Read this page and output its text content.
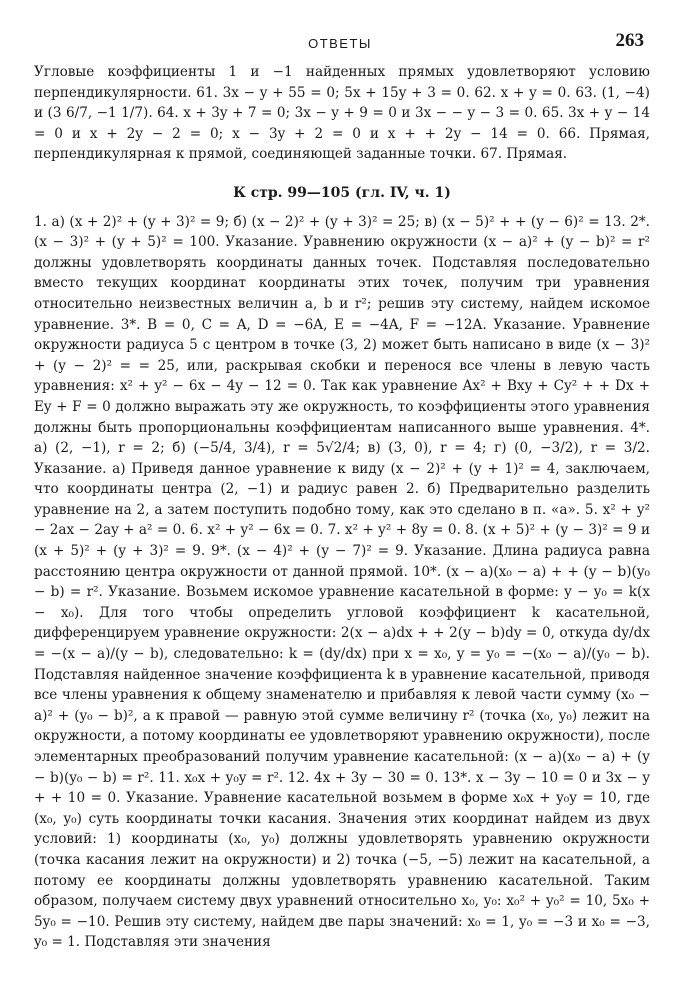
ОТВЕТЫ	263

Угловые коэффициенты 1 и −1 найденных прямых удовлетворяют условию перпендикулярности. 61. 3x − y + 55 = 0; 5x + 15y + 3 = 0. 62. x + y = 0. 63. (1, −4) и (3 6/7, −1 1/7). 64. x + 3y + 7 = 0; 3x − y + 9 = 0 и 3x − − y − 3 = 0. 65. 3x + y − 14 = 0 и x + 2y − 2 = 0; x − 3y + 2 = 0 и x + + 2y − 14 = 0. 66. Прямая, перпендикулярная к прямой, соединяющей заданные точки. 67. Прямая.

К стр. 99—105 (гл. IV, ч. 1)

1. a) (x + 2)² + (y + 3)² = 9; б) (x − 2)² + (y + 3)² = 25; в) (x − 5)² + + (y − 6)² = 13. 2*. (x − 3)² + (y + 5)² = 100. Указание. Уравнению окружности (x − a)² + (y − b)² = r² должны удовлетворять координаты данных точек. Подставляя последовательно вместо текущих координат координаты этих точек, получим три уравнения относительно неизвестных величин a, b и r²; решив эту систему, найдем искомое уравнение. 3*. B = 0, C = A, D = −6A, E = −4A, F = −12A. Указание. Уравнение окружности радиуса 5 с центром в точке (3, 2) может быть написано в виде (x − 3)² + (y − 2)² = = 25, или, раскрывая скобки и перенося все члены в левую часть уравнения: x² + y² − 6x − 4y − 12 = 0. Так как уравнение Ax² + Bxy + Cy² + + Dx + Ey + F = 0 должно выражать эту же окружность, то коэффициенты этого уравнения должны быть пропорциональны коэффициентам написанного выше уравнения. 4*. а) (2, −1), r = 2; б) (−5/4, 3/4), r = 5√2/4; в) (3, 0), r = 4; г) (0, −3/2), r = 3/2. Указание. а) Приведя данное уравнение к виду (x − 2)² + (y + 1)² = 4, заключаем, что координаты центра (2, −1) и радиус равен 2. б) Предварительно разделить уравнение на 2, а затем поступить подобно тому, как это сделано в п. «а». 5. x² + y² − 2ax − 2ay + a² = 0. 6. x² + y² − 6x = 0. 7. x² + y² + 8y = 0. 8. (x + 5)² + (y − 3)² = 9 и (x + 5)² + (y + 3)² = 9. 9*. (x − 4)² + (y − 7)² = 9. Указание. Длина радиуса равна расстоянию центра окружности от данной прямой. 10*. (x − a)(x₀ − a) + + (y − b)(y₀ − b) = r². Указание. Возьмем искомое уравнение касательной в форме: y − y₀ = k(x − x₀). Для того чтобы определить угловой коэффициент k касательной, дифференцируем уравнение окружности: 2(x − a)dx + + 2(y − b)dy = 0, откуда dy/dx = −(x − a)/(y − b), следовательно: k = (dy/dx) при x = x₀, y = y₀ = −(x₀ − a)/(y₀ − b). Подставляя найденное значение коэффициента k в уравнение касательной, приводя все члены уравнения к общему знаменателю и прибавляя к левой части сумму (x₀ − a)² + (y₀ − b)², а к правой — равную этой сумме величину r² (точка (x₀, y₀) лежит на окружности, а потому координаты ее удовлетворяют уравнению окружности), после элементарных преобразований получим уравнение касательной: (x − a)(x₀ − a) + (y − b)(y₀ − b) = r². 11. x₀x + y₀y = r². 12. 4x + 3y − 30 = 0. 13*. x − 3y − 10 = 0 и 3x − y + + 10 = 0. Указание. Уравнение касательной возьмем в форме x₀x + y₀y = 10, где (x₀, y₀) суть координаты точки касания. Значения этих координат найдем из двух условий: 1) координаты (x₀, y₀) должны удовлетворять уравнению окружности (точка касания лежит на окружности) и 2) точка (−5, −5) лежит на касательной, а потому ее координаты должны удовлетворять уравнению касательной. Таким образом, получаем систему двух уравнений относительно x₀, y₀: x₀² + y₀² = 10, 5x₀ + 5y₀ = −10. Решив эту систему, найдем две пары значений: x₀ = 1, y₀ = −3 и x₀ = −3, y₀ = 1. Подставляя эти значения
